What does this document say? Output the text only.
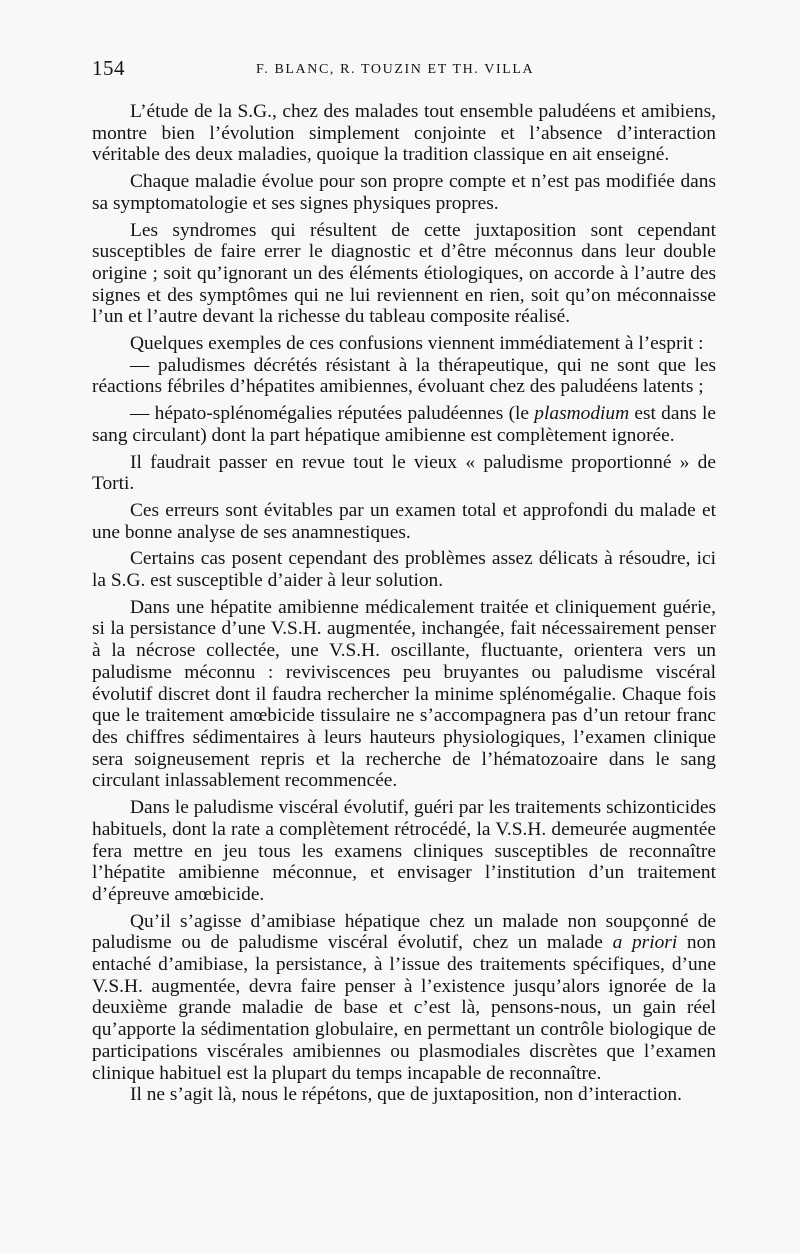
154	F. BLANC, R. TOUZIN ET TH. VILLA

L’étude de la S.G., chez des malades tout ensemble paludéens et amibiens, montre bien l’évolution simplement conjointe et l’absence d’interaction véritable des deux maladies, quoique la tradition classique en ait enseigné.

Chaque maladie évolue pour son propre compte et n’est pas modifiée dans sa symptomatologie et ses signes physiques propres.

Les syndromes qui résultent de cette juxtaposition sont cependant susceptibles de faire errer le diagnostic et d’être méconnus dans leur double origine ; soit qu’ignorant un des éléments étiologiques, on accorde à l’autre des signes et des symptômes qui ne lui reviennent en rien, soit qu’on méconnaisse l’un et l’autre devant la richesse du tableau composite réalisé.

Quelques exemples de ces confusions viennent immédiatement à l’esprit :

— paludismes décrétés résistant à la thérapeutique, qui ne sont que les réactions fébriles d’hépatites amibiennes, évoluant chez des paludéens latents ;

— hépato-splénomégalies réputées paludéennes (le plasmodium est dans le sang circulant) dont la part hépatique amibienne est complètement ignorée.

Il faudrait passer en revue tout le vieux « paludisme proportionné » de Torti.

Ces erreurs sont évitables par un examen total et approfondi du malade et une bonne analyse de ses anamnestiques.

Certains cas posent cependant des problèmes assez délicats à résoudre, ici la S.G. est susceptible d’aider à leur solution.

Dans une hépatite amibienne médicalement traitée et cliniquement guérie, si la persistance d’une V.S.H. augmentée, inchangée, fait nécessairement penser à la nécrose collectée, une V.S.H. oscillante, fluctuante, orientera vers un paludisme méconnu : reviviscences peu bruyantes ou paludisme viscéral évolutif discret dont il faudra rechercher la minime splénomégalie. Chaque fois que le traitement amœbicide tissulaire ne s’accompagnera pas d’un retour franc des chiffres sédimentaires à leurs hauteurs physiologiques, l’examen clinique sera soigneusement repris et la recherche de l’hématozoaire dans le sang circulant inlassablement recommencée.

Dans le paludisme viscéral évolutif, guéri par les traitements schizonticides habituels, dont la rate a complètement rétrocédé, la V.S.H. demeurée augmentée fera mettre en jeu tous les examens cliniques susceptibles de reconnaître l’hépatite amibienne méconnue, et envisager l’institution d’un traitement d’épreuve amœbicide.

Qu’il s’agisse d’amibiase hépatique chez un malade non soupçonné de paludisme ou de paludisme viscéral évolutif, chez un malade a priori non entaché d’amibiase, la persistance, à l’issue des traitements spécifiques, d’une V.S.H. augmentée, devra faire penser à l’existence jusqu’alors ignorée de la deuxième grande maladie de base et c’est là, pensons-nous, un gain réel qu’apporte la sédimentation globulaire, en permettant un contrôle biologique de participations viscérales amibiennes ou plasmodiales discrètes que l’examen clinique habituel est la plupart du temps incapable de reconnaître.

Il ne s’agit là, nous le répétons, que de juxtaposition, non d’interaction.
